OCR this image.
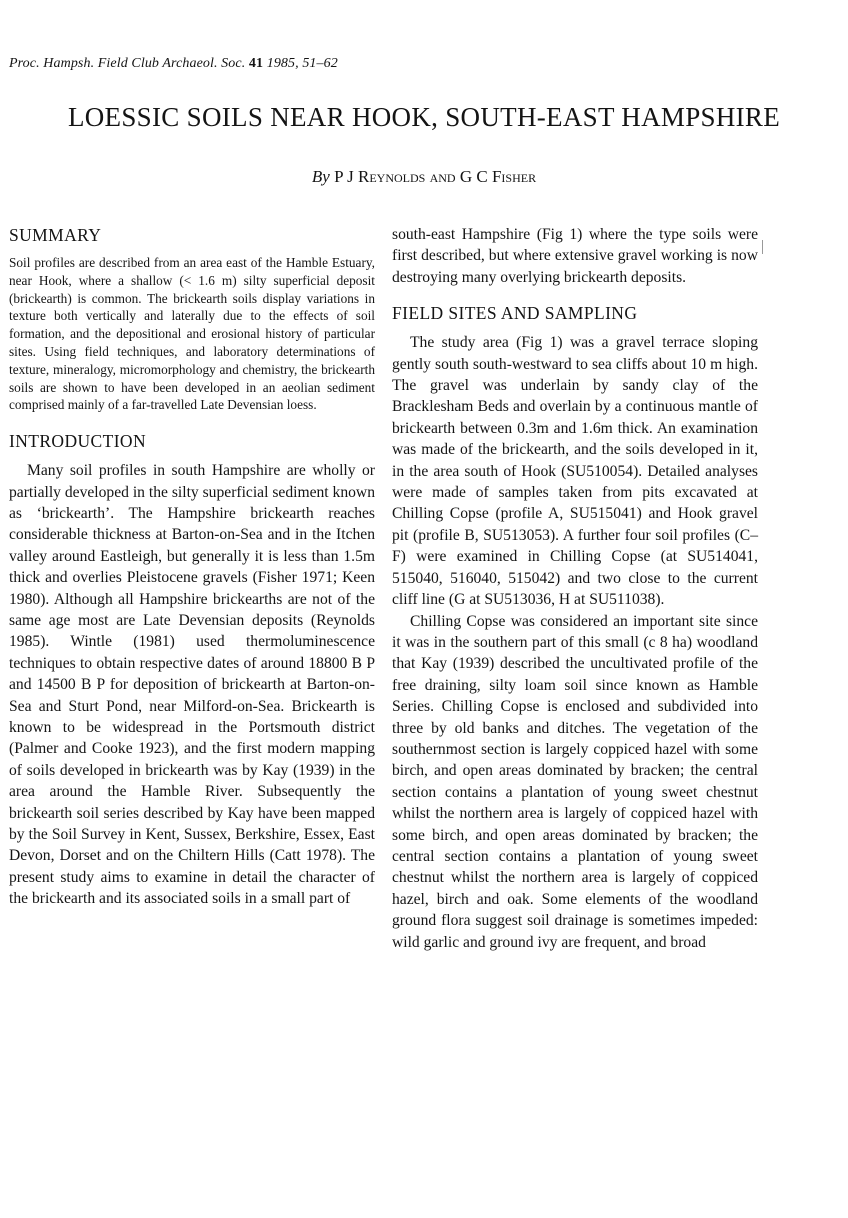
Proc. Hampsh. Field Club Archaeol. Soc. 41 1985, 51–62
LOESSIC SOILS NEAR HOOK, SOUTH-EAST HAMPSHIRE
By P J Reynolds and G C Fisher
SUMMARY

Soil profiles are described from an area east of the Hamble Estuary, near Hook, where a shallow (< 1.6 m) silty superficial deposit (brickearth) is common. The brickearth soils display variations in texture both vertically and laterally due to the effects of soil formation, and the depositional and erosional history of particular sites. Using field techniques, and laboratory determinations of texture, mineralogy, micromorphology and chemistry, the brickearth soils are shown to have been developed in an aeolian sediment comprised mainly of a far-travelled Late Devensian loess.

INTRODUCTION

Many soil profiles in south Hampshire are wholly or partially developed in the silty superficial sediment known as ‘brickearth’. The Hampshire brickearth reaches considerable thickness at Barton-on-Sea and in the Itchen valley around Eastleigh, but generally it is less than 1.5m thick and overlies Pleistocene gravels (Fisher 1971; Keen 1980). Although all Hampshire brickearths are not of the same age most are Late Devensian deposits (Reynolds 1985). Wintle (1981) used thermoluminescence techniques to obtain respective dates of around 18800 B P and 14500 B P for deposition of brickearth at Barton-on-Sea and Sturt Pond, near Milford-on-Sea. Brickearth is known to be widespread in the Portsmouth district (Palmer and Cooke 1923), and the first modern mapping of soils developed in brickearth was by Kay (1939) in the area around the Hamble River. Subsequently the brickearth soil series described by Kay have been mapped by the Soil Survey in Kent, Sussex, Berkshire, Essex, East Devon, Dorset and on the Chiltern Hills (Catt 1978). The present study aims to examine in detail the character of the brickearth and its associated soils in a small part of

south-east Hampshire (Fig 1) where the type soils were first described, but where extensive gravel working is now destroying many overlying brickearth deposits.

FIELD SITES AND SAMPLING

The study area (Fig 1) was a gravel terrace sloping gently south south-westward to sea cliffs about 10 m high. The gravel was underlain by sandy clay of the Bracklesham Beds and overlain by a continuous mantle of brickearth between 0.3m and 1.6m thick. An examination was made of the brickearth, and the soils developed in it, in the area south of Hook (SU510054). Detailed analyses were made of samples taken from pits excavated at Chilling Copse (profile A, SU515041) and Hook gravel pit (profile B, SU513053). A further four soil profiles (C–F) were examined in Chilling Copse (at SU514041, 515040, 516040, 515042) and two close to the current cliff line (G at SU513036, H at SU511038).

Chilling Copse was considered an important site since it was in the southern part of this small (c 8 ha) woodland that Kay (1939) described the uncultivated profile of the free draining, silty loam soil since known as Hamble Series. Chilling Copse is enclosed and subdivided into three by old banks and ditches. The vegetation of the southernmost section is largely coppiced hazel with some birch, and open areas dominated by bracken; the central section contains a plantation of young sweet chestnut whilst the northern area is largely of coppiced hazel with some birch, and open areas dominated by bracken; the central section contains a plantation of young sweet chestnut whilst the northern area is largely of coppiced hazel, birch and oak. Some elements of the woodland ground flora suggest soil drainage is sometimes impeded: wild garlic and ground ivy are frequent, and broad
